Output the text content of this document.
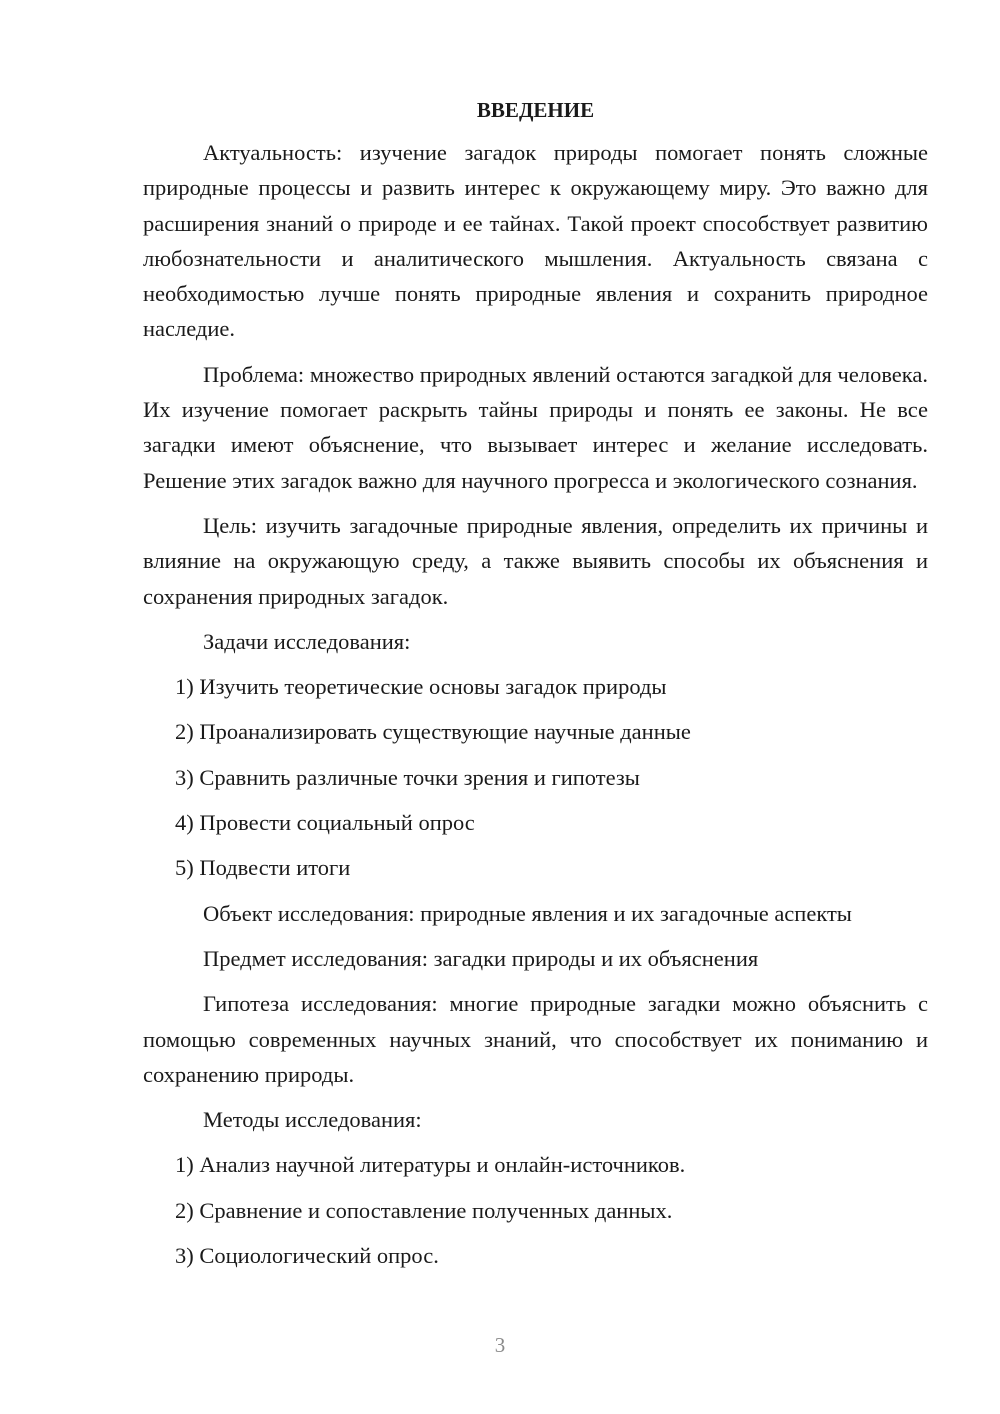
ВВЕДЕНИЕ

Актуальность: изучение загадок природы помогает понять сложные природные процессы и развить интерес к окружающему миру. Это важно для расширения знаний о природе и ее тайнах. Такой проект способствует развитию любознательности и аналитического мышления. Актуальность связана с необходимостью лучше понять природные явления и сохранить природное наследие.

Проблема: множество природных явлений остаются загадкой для человека. Их изучение помогает раскрыть тайны природы и понять ее законы. Не все загадки имеют объяснение, что вызывает интерес и желание исследовать. Решение этих загадок важно для научного прогресса и экологического сознания.

Цель: изучить загадочные природные явления, определить их причины и влияние на окружающую среду, а также выявить способы их объяснения и сохранения природных загадок.

Задачи исследования:
1) Изучить теоретические основы загадок природы
2) Проанализировать существующие научные данные
3) Сравнить различные точки зрения и гипотезы
4) Провести социальный опрос
5) Подвести итоги
Объект исследования: природные явления и их загадочные аспекты
Предмет исследования: загадки природы и их объяснения

Гипотеза исследования: многие природные загадки можно объяснить с помощью современных научных знаний, что способствует их пониманию и сохранению природы.

Методы исследования:
1) Анализ научной литературы и онлайн-источников.
2) Сравнение и сопоставление полученных данных.
3) Социологический опрос.
3
